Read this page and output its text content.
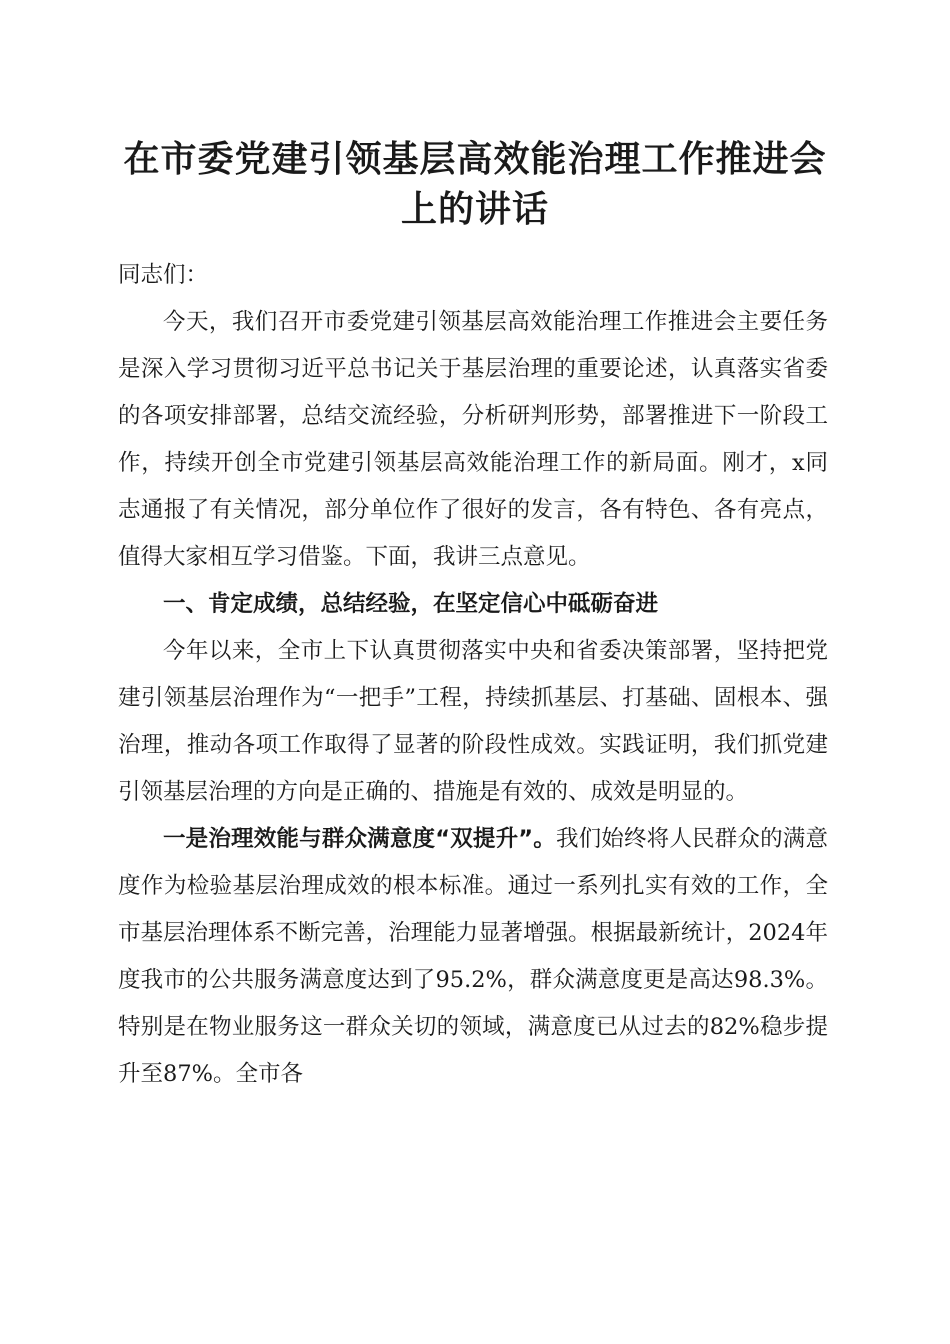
在市委党建引领基层高效能治理工作推进会上的讲话

同志们：

今天，我们召开市委党建引领基层高效能治理工作推进会主要任务是深入学习贯彻习近平总书记关于基层治理的重要论述，认真落实省委的各项安排部署，总结交流经验，分析研判形势，部署推进下一阶段工作，持续开创全市党建引领基层高效能治理工作的新局面。刚才，x同志通报了有关情况，部分单位作了很好的发言，各有特色、各有亮点，值得大家相互学习借鉴。下面，我讲三点意见。

一、肯定成绩，总结经验，在坚定信心中砥砺奋进

今年以来，全市上下认真贯彻落实中央和省委决策部署，坚持把党建引领基层治理作为“一把手”工程，持续抓基层、打基础、固根本、强治理，推动各项工作取得了显著的阶段性成效。实践证明，我们抓党建引领基层治理的方向是正确的、措施是有效的、成效是明显的。

一是治理效能与群众满意度“双提升”。我们始终将人民群众的满意度作为检验基层治理成效的根本标准。通过一系列扎实有效的工作，全市基层治理体系不断完善，治理能力显著增强。根据最新统计，2024年度我市的公共服务满意度达到了95.2%，群众满意度更是高达98.3%。特别是在物业服务这一群众关切的领域，满意度已从过去的82%稳步提升至87%。全市各
